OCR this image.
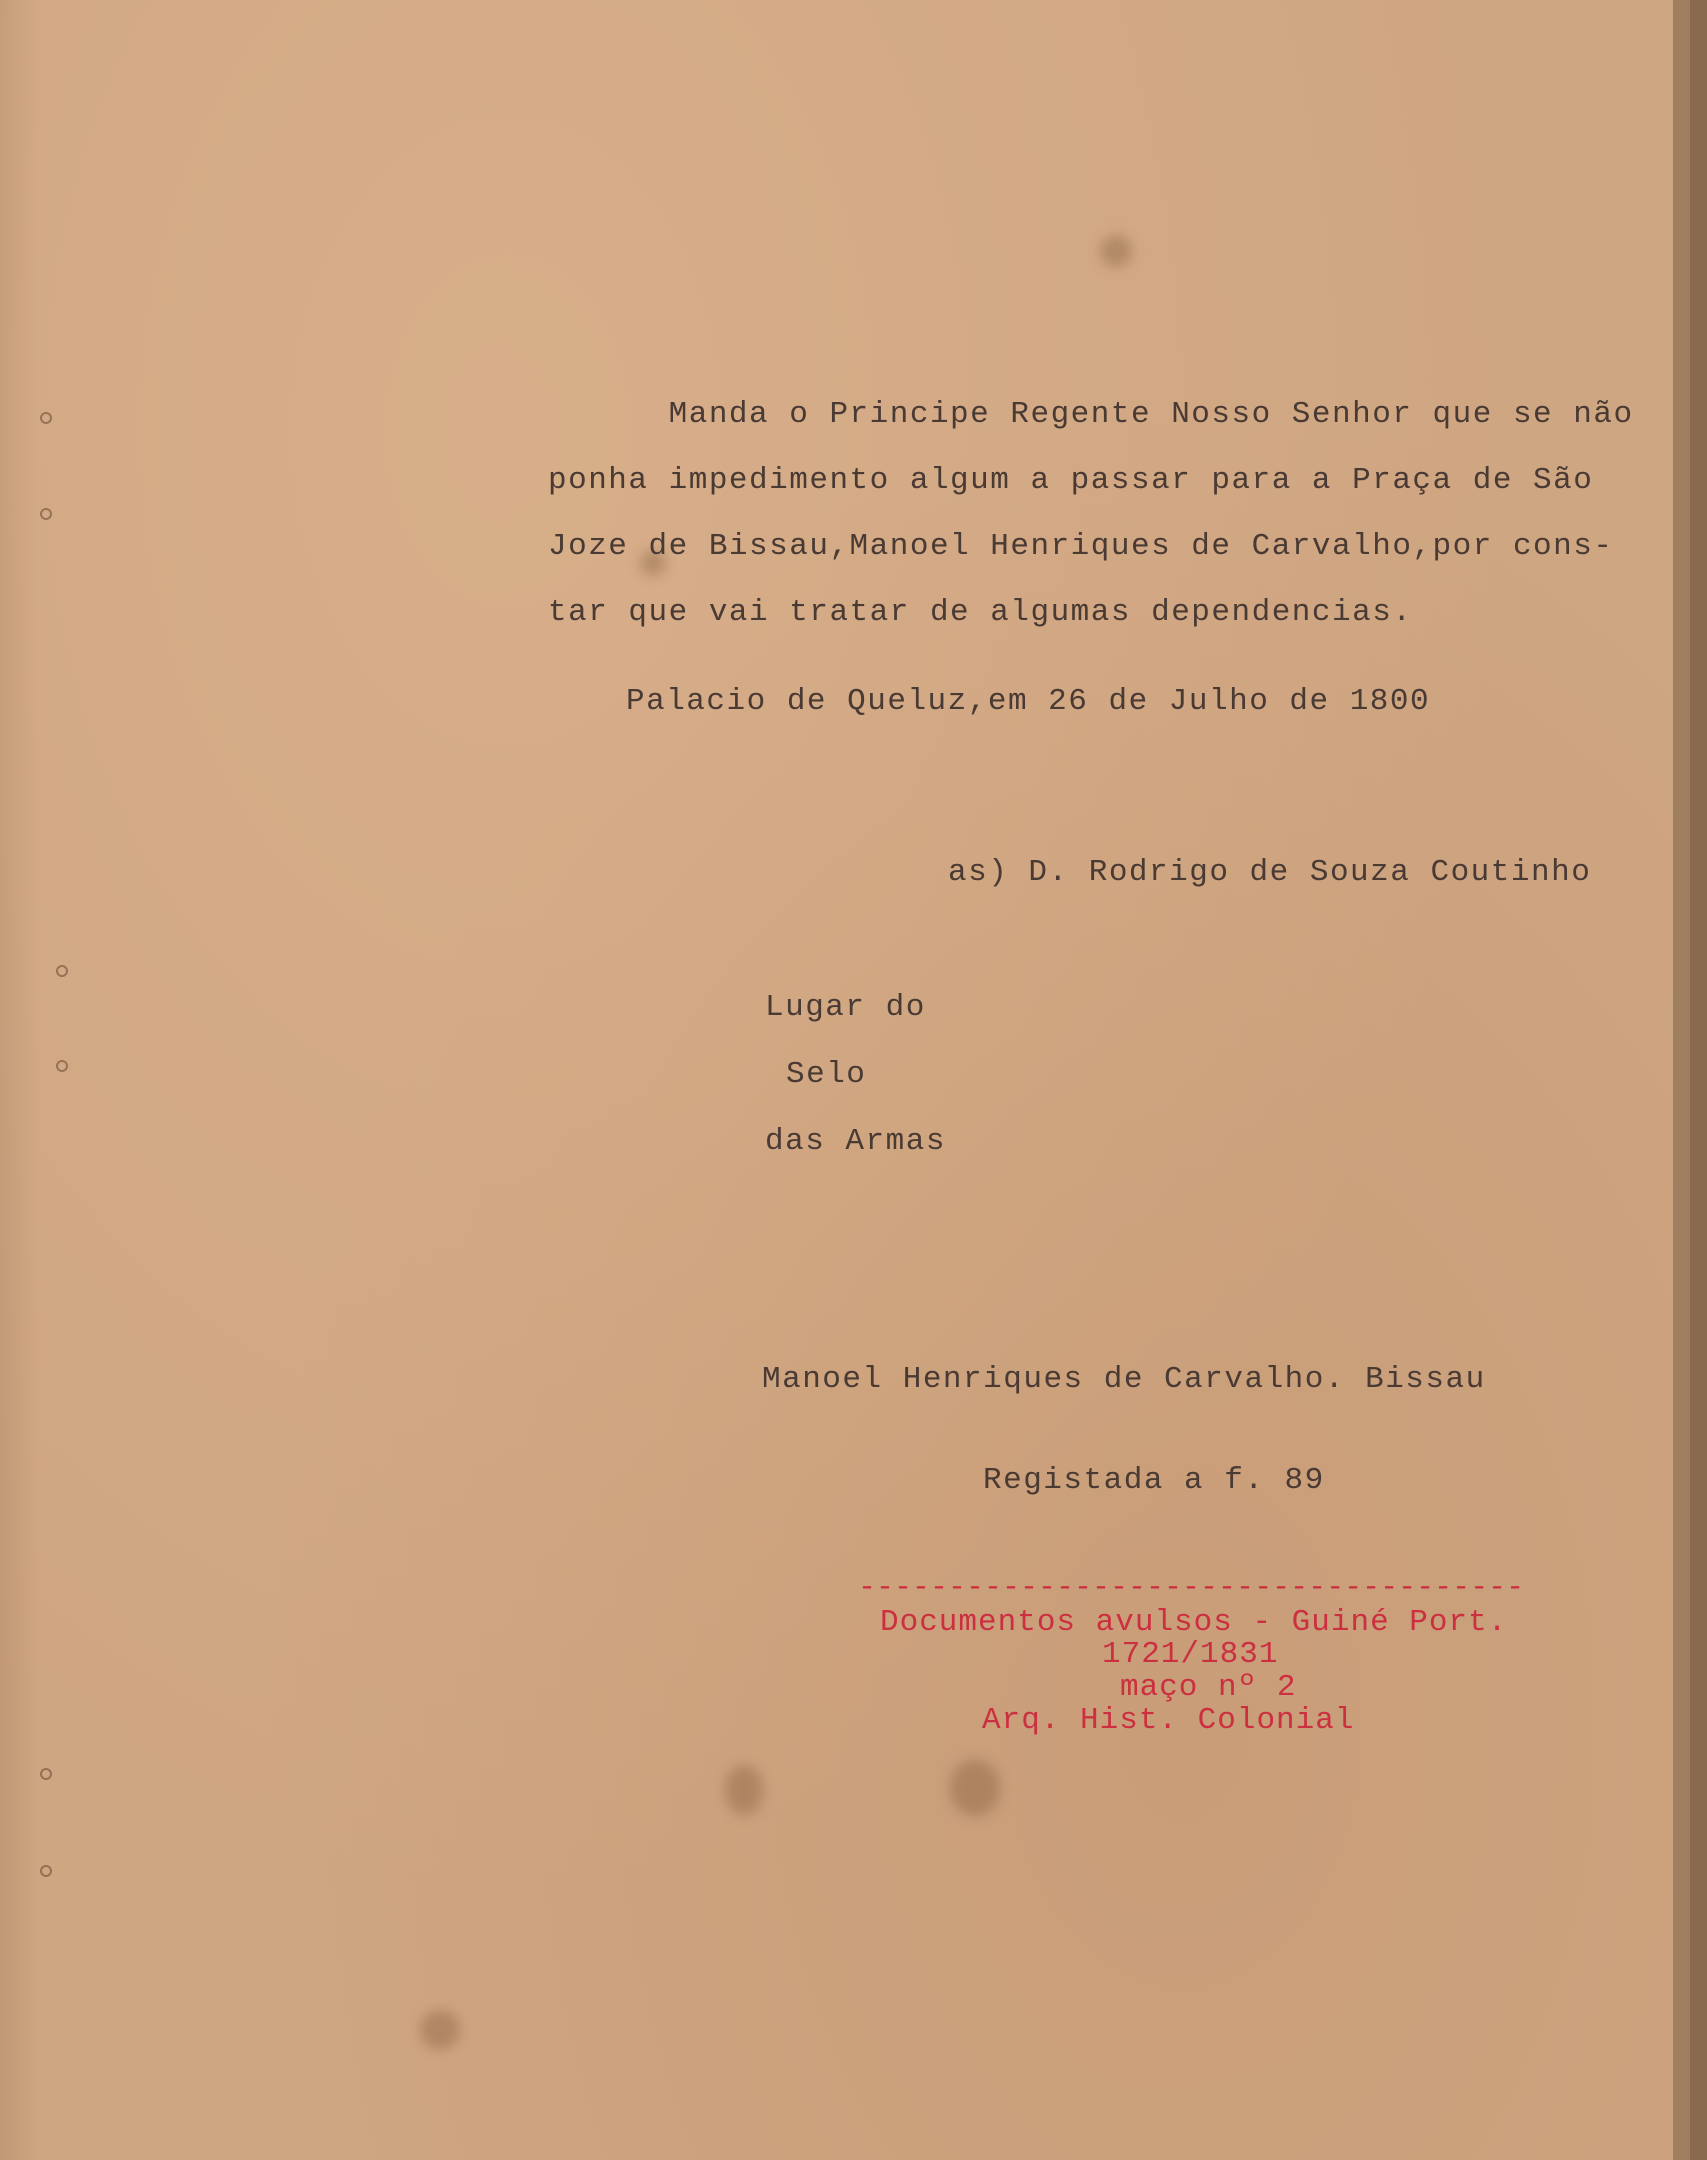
Manda o Principe Regente Nosso Senhor que se não
ponha impedimento algum a passar para a Praça de São
Joze de Bissau,Manoel Henriques de Carvalho,por cons-
tar que vai tratar de algumas dependencias.
Palacio de Queluz,em 26 de Julho de 1800
as) D. Rodrigo de Souza Coutinho
Lugar do
Selo
das Armas
Manoel Henriques de Carvalho. Bissau
Registada a f. 89
-------------------------------------
Documentos avulsos - Guiné Port.
1721/1831
maço nº 2
Arq. Hist. Colonial
